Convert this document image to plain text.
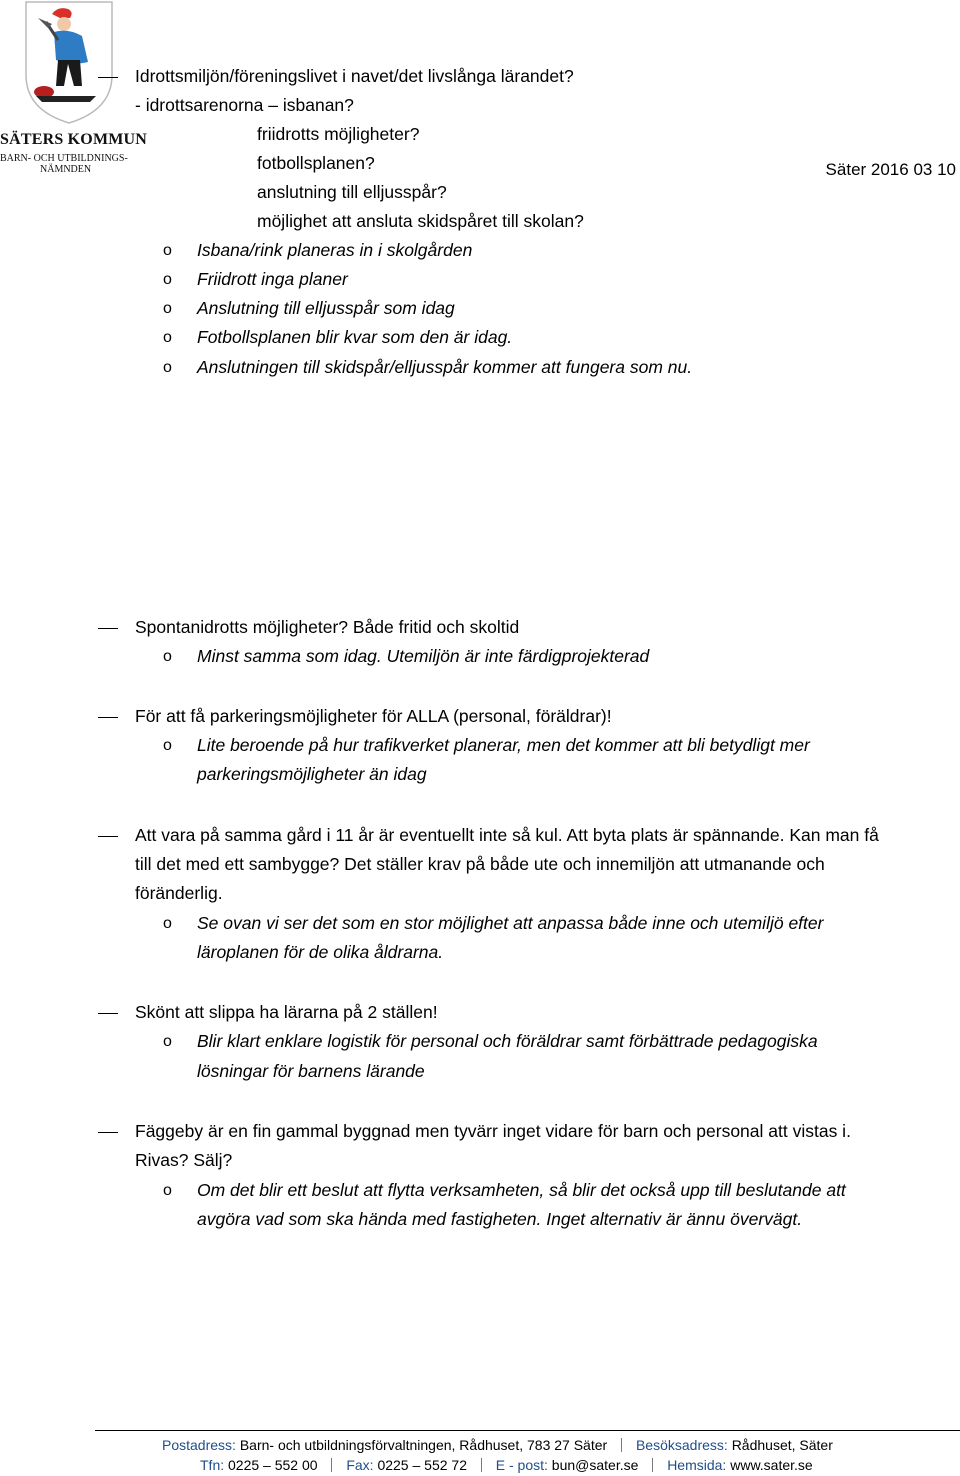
SÄTERS KOMMUN
BARN- OCH UTBILDNINGS-
NÄMNDEN	Säter 2016 03 10
Idrottsmiljön/föreningslivet i navet/det livslånga lärandet?
- idrottsarenorna – isbanan?
friidrotts möjligheter?
fotbollsplanen?
anslutning till elljusspår?
möjlighet att ansluta skidspåret till skolan?
o Isbana/rink planeras in i skolgården
o Friidrott inga planer
o Anslutning till elljusspår som idag
o Fotbollsplanen blir kvar som den är idag.
o Anslutningen till skidspår/elljusspår kommer att fungera som nu.
Spontanidrotts möjligheter? Både fritid och skoltid
o Minst samma som idag. Utemiljön är inte färdigprojekterad
För att få parkeringsmöjligheter för ALLA (personal, föräldrar)!
o Lite beroende på hur trafikverket planerar, men det kommer att bli betydligt mer
parkeringsmöjligheter än idag
Att vara på samma gård i 11 år är eventuellt inte så kul. Att byta plats är spännande. Kan man få
till det med ett sambygge? Det ställer krav på både ute och innemiljön att utmanande och
föränderlig.
o Se ovan vi ser det som en stor möjlighet att anpassa både inne och utemiljö efter
läroplanen för de olika åldrarna.
Skönt att slippa ha lärarna på 2 ställen!
o Blir klart enklare logistik för personal och föräldrar samt förbättrade pedagogiska
lösningar för barnens lärande
Fäggeby är en fin gammal byggnad men tyvärr inget vidare för barn och personal att vistas i.
Rivas? Sälj?
o Om det blir ett beslut att flytta verksamheten, så blir det också upp till beslutande att
avgöra vad som ska hända med fastigheten. Inget alternativ är ännu övervägt.
Postadress: Barn- och utbildningsförvaltningen, Rådhuset, 783 27 Säter Besöksadress: Rådhuset, Säter
Tfn: 0225 – 552 00 Fax: 0225 – 552 72 E - post: bun@sater.se Hemsida: www.sater.se
